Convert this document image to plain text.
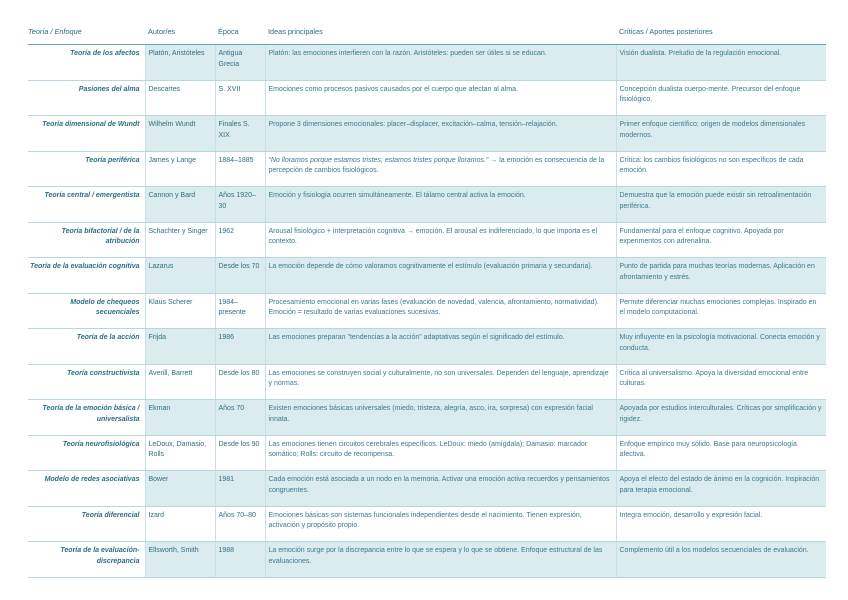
Teoría / Enfoque	Autor/es	Época	Ideas principales	Críticas / Aportes posteriores
Teoría de los afectos	Platón, Aristóteles	Antigua Grecia	Platón: las emociones interfieren con la razón. Aristóteles: pueden ser útiles si se educan.	Visión dualista. Preludio de la regulación emocional.
Pasiones del alma	Descartes	S. XVII	Emociones como procesos pasivos causados por el cuerpo que afectan al alma.	Concepción dualista cuerpo-mente. Precursor del enfoque fisiológico.
Teoría dimensional de Wundt	Wilhelm Wundt	Finales S. XIX	Propone 3 dimensiones emocionales: placer–displacer, excitación–calma, tensión–relajación.	Primer enfoque científico; origen de modelos dimensionales modernos.
Teoría periférica	James y Lange	1884–1885	“No lloramos porque estamos tristes; estamos tristes porque lloramos.” → la emoción es consecuencia de la percepción de cambios fisiológicos.	Crítica: los cambios fisiológicos no son específicos de cada emoción.
Teoría central / emergentista	Cannon y Bard	Años 1920–30	Emoción y fisiología ocurren simultáneamente. El tálamo central activa la emoción.	Demuestra que la emoción puede existir sin retroalimentación periférica.
Teoría bifactorial / de la atribución	Schachter y Singer	1962	Arousal fisiológico + interpretación cognitiva → emoción. El arousal es indiferenciado, lo que importa es el contexto.	Fundamental para el enfoque cognitivo. Apoyada por experimentos con adrenalina.
Teoría de la evaluación cognitiva	Lazarus	Desde los 70	La emoción depende de cómo valoramos cognitivamente el estímulo (evaluación primaria y secundaria).	Punto de partida para muchas teorías modernas. Aplicación en afrontamiento y estrés.
Modelo de chequeos secuenciales	Klaus Scherer	1984–presente	Procesamiento emocional en varias fases (evaluación de novedad, valencia, afrontamiento, normatividad). Emoción = resultado de varias evaluaciones sucesivas.	Permite diferenciar muchas emociones complejas. Inspirado en el modelo computacional.
Teoría de la acción	Frijda	1986	Las emociones preparan "tendencias a la acción" adaptativas según el significado del estímulo.	Muy influyente en la psicología motivacional. Conecta emoción y conducta.
Teoría constructivista	Averill, Barrett	Desde los 80	Las emociones se construyen social y culturalmente, no son universales. Dependen del lenguaje, aprendizaje y normas.	Crítica al universalismo. Apoya la diversidad emocional entre culturas.
Teoría de la emoción básica / universalista	Ekman	Años 70	Existen emociones básicas universales (miedo, tristeza, alegría, asco, ira, sorpresa) con expresión facial innata.	Apoyada por estudios interculturales. Críticas por simplificación y rigidez.
Teoría neurofisiológica	LeDoux, Damasio, Rolls	Desde los 90	Las emociones tienen circuitos cerebrales específicos. LeDoux: miedo (amígdala); Damasio: marcador somático; Rolls: circuito de recompensa.	Enfoque empírico muy sólido. Base para neuropsicología afectiva.
Modelo de redes asociativas	Bower	1981	Cada emoción está asociada a un nodo en la memoria. Activar una emoción activa recuerdos y pensamientos congruentes.	Apoya el efecto del estado de ánimo en la cognición. Inspiración para terapia emocional.
Teoría diferencial	Izard	Años 70–80	Emociones básicas son sistemas funcionales independientes desde el nacimiento. Tienen expresión, activación y propósito propio.	Integra emoción, desarrollo y expresión facial.
Teoría de la evaluación-discrepancia	Ellsworth, Smith	1988	La emoción surge por la discrepancia entre lo que se espera y lo que se obtiene. Enfoque estructural de las evaluaciones.	Complemento útil a los modelos secuenciales de evaluación.
